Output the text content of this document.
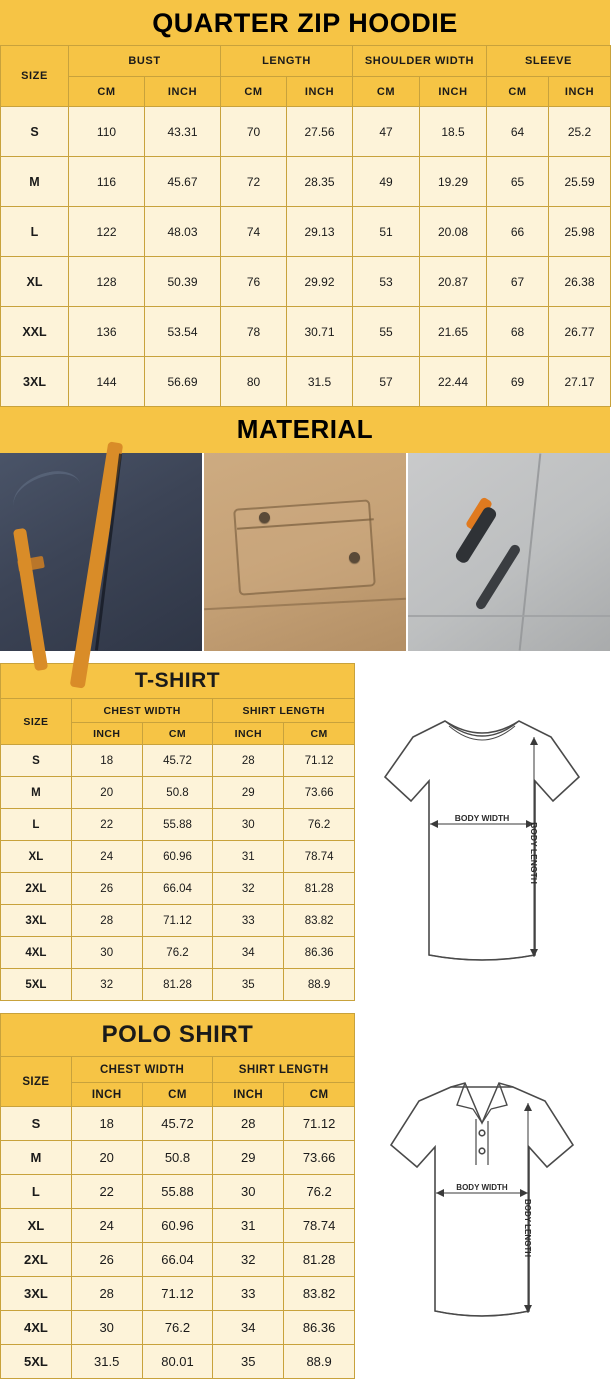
QUARTER ZIP HOODIE
SIZE	BUST		LENGTH		SHOULDER WIDTH		SLEEVE	
	CM	INCH	CM	INCH	CM	INCH	CM	INCH
S	110	43.31	70	27.56	47	18.5	64	25.2
M	116	45.67	72	28.35	49	19.29	65	25.59
L	122	48.03	74	29.13	51	20.08	66	25.98
XL	128	50.39	76	29.92	53	20.87	67	26.38
XXL	136	53.54	78	30.71	55	21.65	68	26.77
3XL	144	56.69	80	31.5	57	22.44	69	27.17
MATERIAL
T-SHIRT				
SIZE	CHEST WIDTH		SHIRT LENGTH	
	INCH	CM	INCH	CM
S	18	45.72	28	71.12
M	20	50.8	29	73.66
L	22	55.88	30	76.2
XL	24	60.96	31	78.74
2XL	26	66.04	32	81.28
3XL	28	71.12	33	83.82
4XL	30	76.2	34	86.36
5XL	32	81.28	35	88.9
BODY WIDTH
BODY LENGTH
POLO SHIRT				
SIZE	CHEST WIDTH		SHIRT LENGTH	
	INCH	CM	INCH	CM
S	18	45.72	28	71.12
M	20	50.8	29	73.66
L	22	55.88	30	76.2
XL	24	60.96	31	78.74
2XL	26	66.04	32	81.28
3XL	28	71.12	33	83.82
4XL	30	76.2	34	86.36
5XL	31.5	80.01	35	88.9
BODY WIDTH
BODY LENGTH
